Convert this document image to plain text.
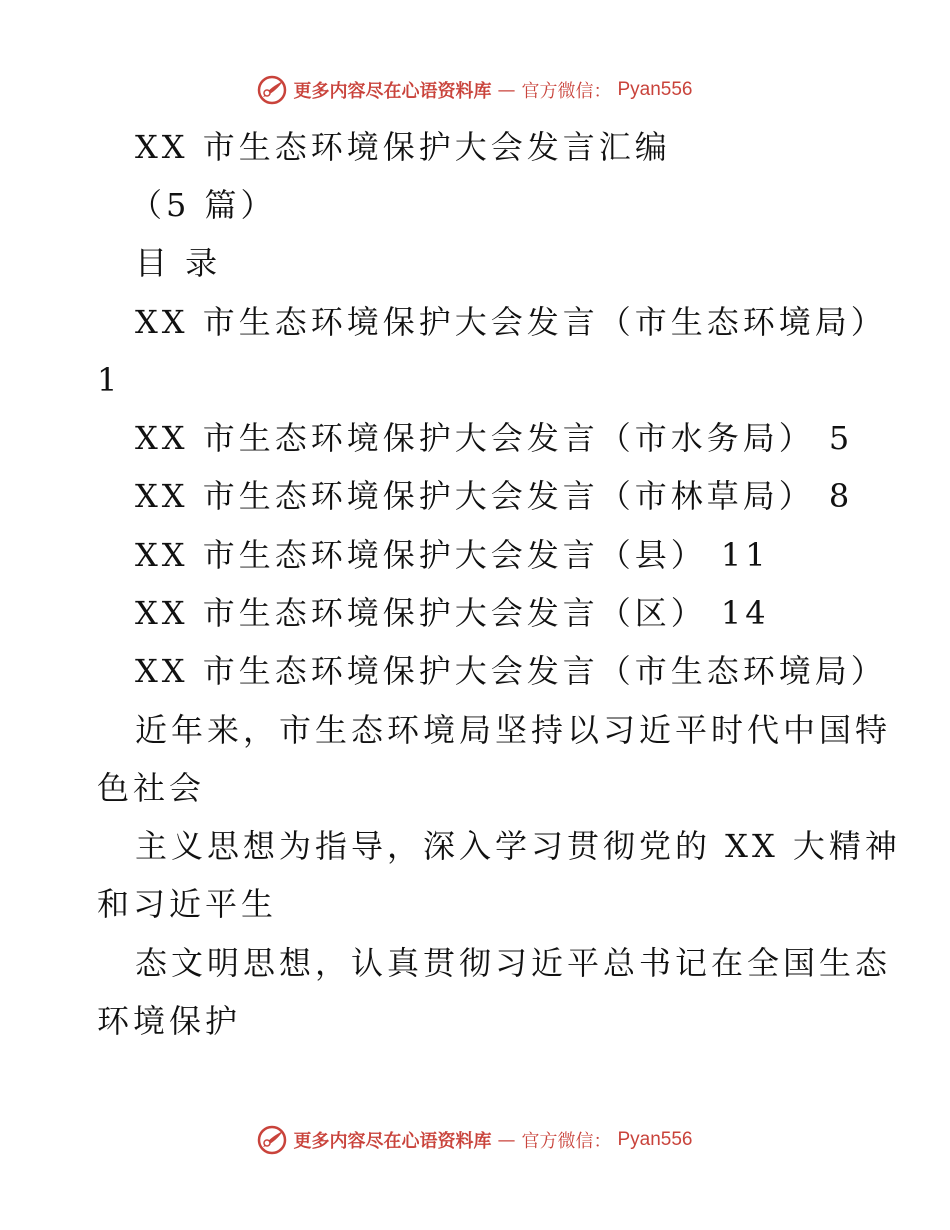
更多内容尽在心语资料库 — 官方微信： Pyan556
XX 市生态环境保护大会发言汇编
（5 篇）
目 录
XX 市生态环境保护大会发言（市生态环境局）
1
XX 市生态环境保护大会发言（市水务局） 5
XX 市生态环境保护大会发言（市林草局） 8
XX 市生态环境保护大会发言（县） 11
XX 市生态环境保护大会发言（区） 14
XX 市生态环境保护大会发言（市生态环境局）
近年来，市生态环境局坚持以习近平时代中国特
色社会
主义思想为指导，深入学习贯彻党的 XX 大精神
和习近平生
态文明思想，认真贯彻习近平总书记在全国生态
环境保护
更多内容尽在心语资料库 — 官方微信： Pyan556
